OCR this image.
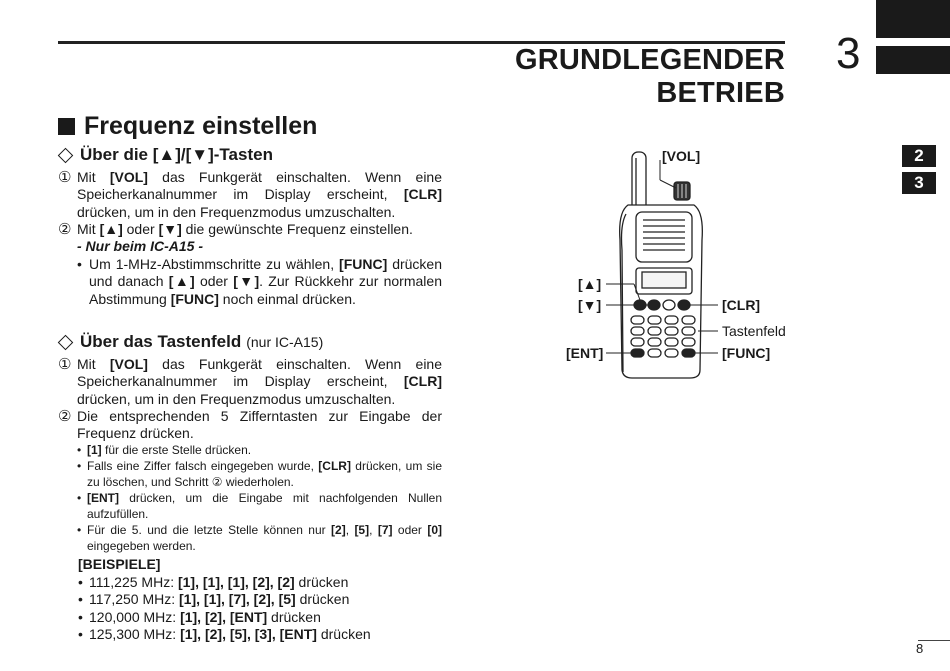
GRUNDLEGENDER BETRIEB
3
2
3
Frequenz einstellen
Über die [▲]/[▼]-Tasten
① Mit [VOL] das Funkgerät einschalten. Wenn eine Speicherkanalnummer im Display erscheint, [CLR] drücken, um in den Frequenzmodus umzuschalten.
② Mit [▲] oder [▼] die gewünschte Frequenz einstellen.
- Nur beim IC-A15 -
• Um 1-MHz-Abstimmschritte zu wählen, [FUNC] drücken und danach [▲] oder [▼]. Zur Rückkehr zur normalen Abstimmung [FUNC] noch einmal drücken.
Über das Tastenfeld (nur IC-A15)
① Mit [VOL] das Funkgerät einschalten. Wenn eine Speicherkanalnummer im Display erscheint, [CLR] drücken, um in den Frequenzmodus umzuschalten.
② Die entsprechenden 5 Zifferntasten zur Eingabe der Frequenz drücken.
• [1] für die erste Stelle drücken.
• Falls eine Ziffer falsch eingegeben wurde, [CLR] drücken, um sie zu löschen, und Schritt ② wiederholen.
• [ENT] drücken, um die Eingabe mit nachfolgenden Nullen aufzufüllen.
• Für die 5. und die letzte Stelle können nur [2], [5], [7] oder [0] eingegeben werden.
[BEISPIELE]
• 111,225 MHz: [1], [1], [1], [2], [2] drücken
• 117,250 MHz: [1], [1], [7], [2], [5] drücken
• 120,000 MHz: [1], [2], [ENT] drücken
• 125,300 MHz: [1], [2], [5], [3], [ENT] drücken
[VOL]
[▲]
[▼]	[CLR]
Tastenfeld
[ENT]	[FUNC]
8
